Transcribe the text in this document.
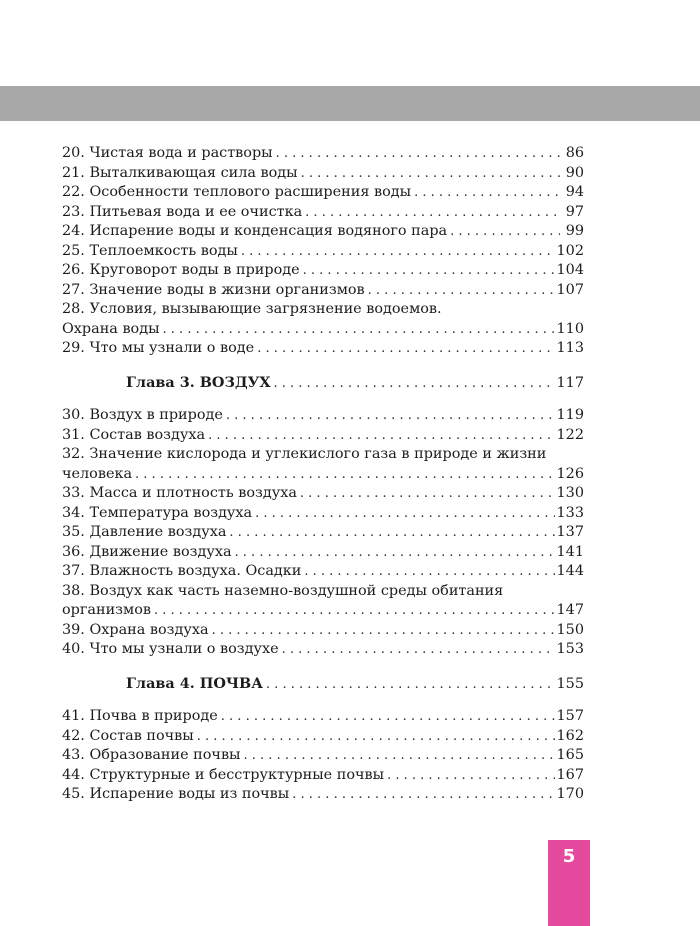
20. Чистая вода и растворы . . .	86
21. Выталкивающая сила воды . . .	90
22. Особенности теплового расширения воды . . .	94
23. Питьевая вода и ее очистка . . .	97
24. Испарение воды и конденсация водяного пара . . .	99
25. Теплоемкость воды . . .	102
26. Круговорот воды в природе . . .	104
27. Значение воды в жизни организмов . . .	107
28. Условия, вызывающие загрязнение водоемов.
Охрана воды . . .	110
29. Что мы узнали о воде . . .	113
Глава 3. ВОЗДУХ . . .	117
30. Воздух в природе . . .	119
31. Состав воздуха . . .	122
32. Значение кислорода и углекислого газа в природе и жизни
человека . . .	126
33. Масса и плотность воздуха . . .	130
34. Температура воздуха . . .	133
35. Давление воздуха . . .	137
36. Движение воздуха . . .	141
37. Влажность воздуха. Осадки . . .	144
38. Воздух как часть наземно-воздушной среды обитания
организмов . . .	147
39. Охрана воздуха . . .	150
40. Что мы узнали о воздухе . . .	153
Глава 4. ПОЧВА . . .	155
41. Почва в природе . . .	157
42. Состав почвы . . .	162
43. Образование почвы . . .	165
44. Структурные и бесструктурные почвы . . .	167
45. Испарение воды из почвы . . .	170
5
